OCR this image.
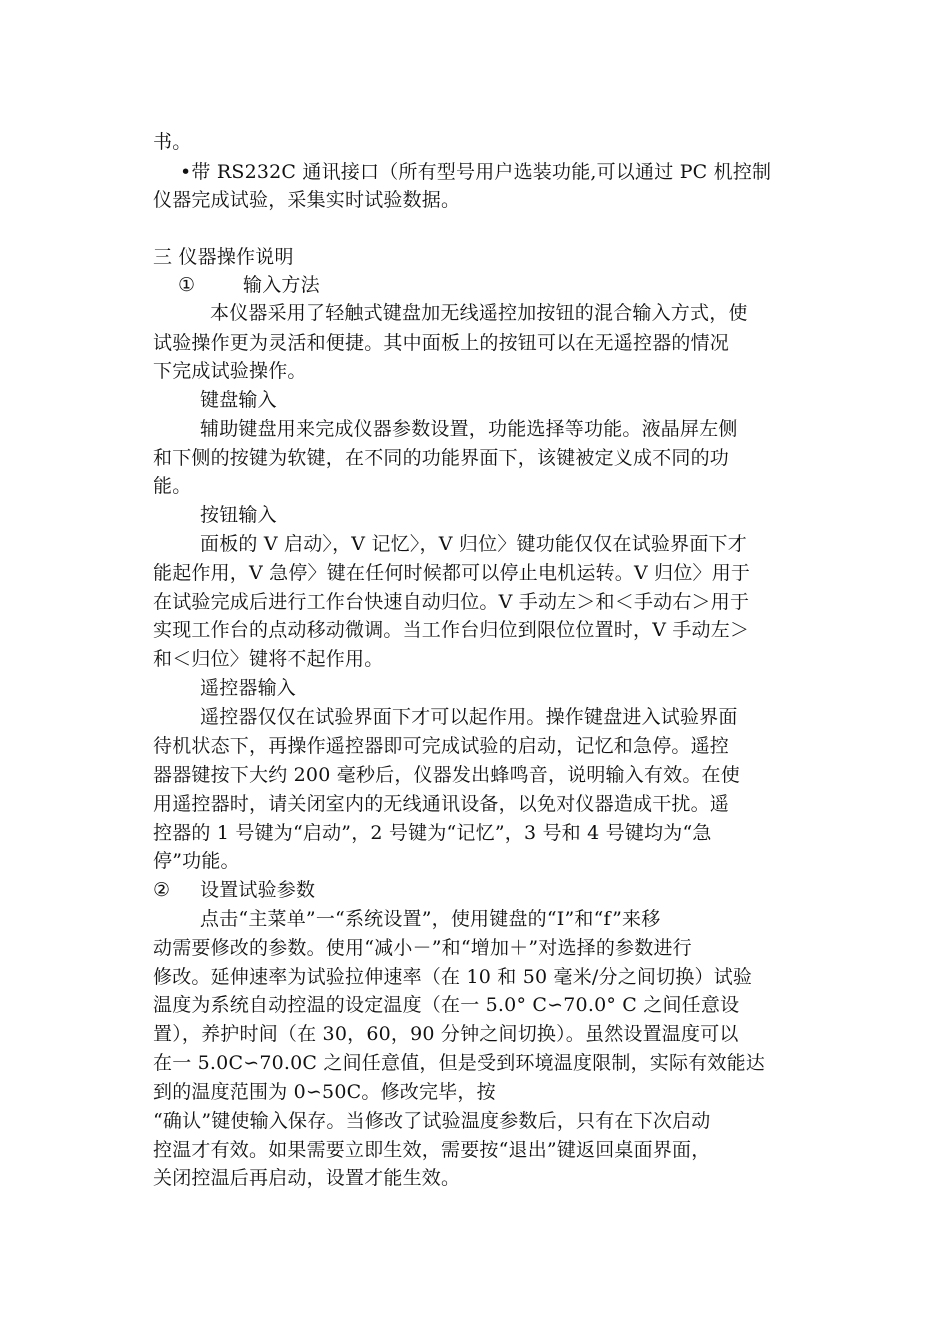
书。
•带 RS232C 通讯接口（所有型号用户选装功能,可以通过 PC 机控制
仪器完成试验，采集实时试验数据。
三 仪器操作说明
①	输入方法
本仪器采用了轻触式键盘加无线遥控加按钮的混合输入方式，使
试验操作更为灵活和便捷。其中面板上的按钮可以在无遥控器的情况
下完成试验操作。
键盘输入
辅助键盘用来完成仪器参数设置，功能选择等功能。液晶屏左侧
和下侧的按键为软键，在不同的功能界面下，该键被定义成不同的功
能。
按钮输入
面板的 V 启动〉，V 记忆〉，V 归位〉键功能仅仅在试验界面下才
能起作用，V 急停〉键在任何时候都可以停止电机运转。V 归位〉用于
在试验完成后进行工作台快速自动归位。V 手动左＞和＜手动右＞用于
实现工作台的点动移动微调。当工作台归位到限位位置时，V 手动左＞
和＜归位〉键将不起作用。
遥控器输入
遥控器仅仅在试验界面下才可以起作用。操作键盘进入试验界面
待机状态下，再操作遥控器即可完成试验的启动，记忆和急停。遥控
器器键按下大约 200 毫秒后，仪器发出蜂鸣音，说明输入有效。在使
用遥控器时，请关闭室内的无线通讯设备，以免对仪器造成干扰。遥
控器的 1 号键为“启动”，2 号键为“记忆”，3 号和 4 号键均为“急
停”功能。
② 设置试验参数
点击“主菜单”一“系统设置”，使用键盘的“I”和“f”来移
动需要修改的参数。使用“减小－”和“增加＋”对选择的参数进行
修改。延伸速率为试验拉伸速率（在 10 和 50 毫米/分之间切换）试验
温度为系统自动控温的设定温度（在一 5.0° C∽70.0° C 之间任意设
置），养护时间（在 30，60，90 分钟之间切换）。虽然设置温度可以
在一 5.0C∽70.0C 之间任意值，但是受到环境温度限制，实际有效能达
到的温度范围为 0∽50C。修改完毕，按
“确认”键使输入保存。当修改了试验温度参数后，只有在下次启动
控温才有效。如果需要立即生效，需要按“退出”键返回桌面界面，
关闭控温后再启动，设置才能生效。
